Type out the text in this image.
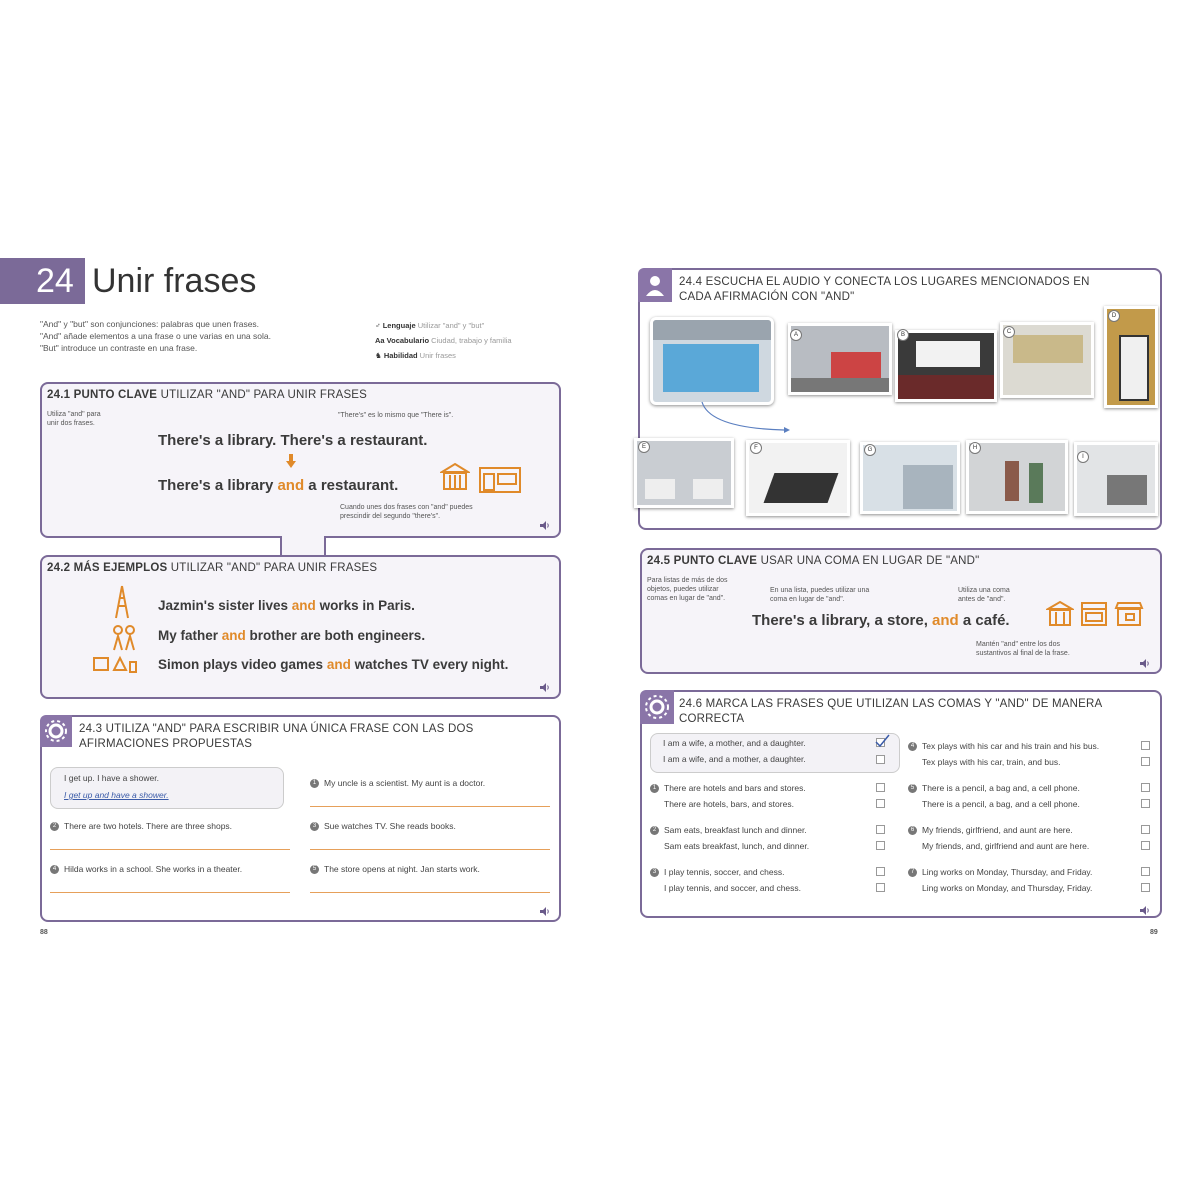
24 Unir frases
"And" y "but" son conjunciones: palabras que unen frases.
"And" añade elementos a una frase o une varias en una sola.
"But" introduce un contraste en una frase.
♂ Lenguaje Utilizar "and" y "but"
Aa Vocabulario Ciudad, trabajo y familia
♞ Habilidad Unir frases
24.1 PUNTO CLAVE UTILIZAR "AND" PARA UNIR FRASES
Utiliza "and" para unir dos frases.
"There's" es lo mismo que "There is".
There's a library. There's a restaurant.
There's a library and a restaurant.
Cuando unes dos frases con "and" puedes prescindir del segundo "there's".
24.2 MÁS EJEMPLOS UTILIZAR "AND" PARA UNIR FRASES
Jazmin's sister lives and works in Paris.
My father and brother are both engineers.
Simon plays video games and watches TV every night.
24.3 UTILIZA "AND" PARA ESCRIBIR UNA ÚNICA FRASE CON LAS DOS AFIRMACIONES PROPUESTAS
I get up. I have a shower.
I get up and have a shower.
1 My uncle is a scientist. My aunt is a doctor.
2 There are two hotels. There are three shops.	3 Sue watches TV. She reads books.
4 Hilda works in a school. She works in a theater.	5 The store opens at night. Jan starts work.
88
24.4 ESCUCHA EL AUDIO Y CONECTA LOS LUGARES MENCIONADOS EN CADA AFIRMACIÓN CON "AND"
A	B	C
D
E	F	G	H
I
24.5 PUNTO CLAVE USAR UNA COMA EN LUGAR DE "AND"
Para listas de más de dos objetos, puedes utilizar comas en lugar de "and".
En una lista, puedes utilizar una coma en lugar de "and".
Utiliza una coma antes de "and".
There's a library, a store, and a café.
Mantén "and" entre los dos sustantivos al final de la frase.
24.6 MARCA LAS FRASES QUE UTILIZAN LAS COMAS Y "AND" DE MANERA CORRECTA
I am a wife, a mother, and a daughter.
I am a wife, and a mother, a daughter.
1 There are hotels and bars and stores.
There are hotels, bars, and stores.
2 Sam eats, breakfast lunch and dinner.
Sam eats breakfast, lunch, and dinner.
3 I play tennis, soccer, and chess.
I play tennis, and soccer, and chess.
4 Tex plays with his car and his train and his bus.
Tex plays with his car, train, and bus.
5 There is a pencil, a bag and, a cell phone.
There is a pencil, a bag, and a cell phone.
6 My friends, girlfriend, and aunt are here.
My friends, and, girlfriend and aunt are here.
7 Ling works on Monday, Thursday, and Friday.
Ling works on Monday, and Thursday, Friday.
89
